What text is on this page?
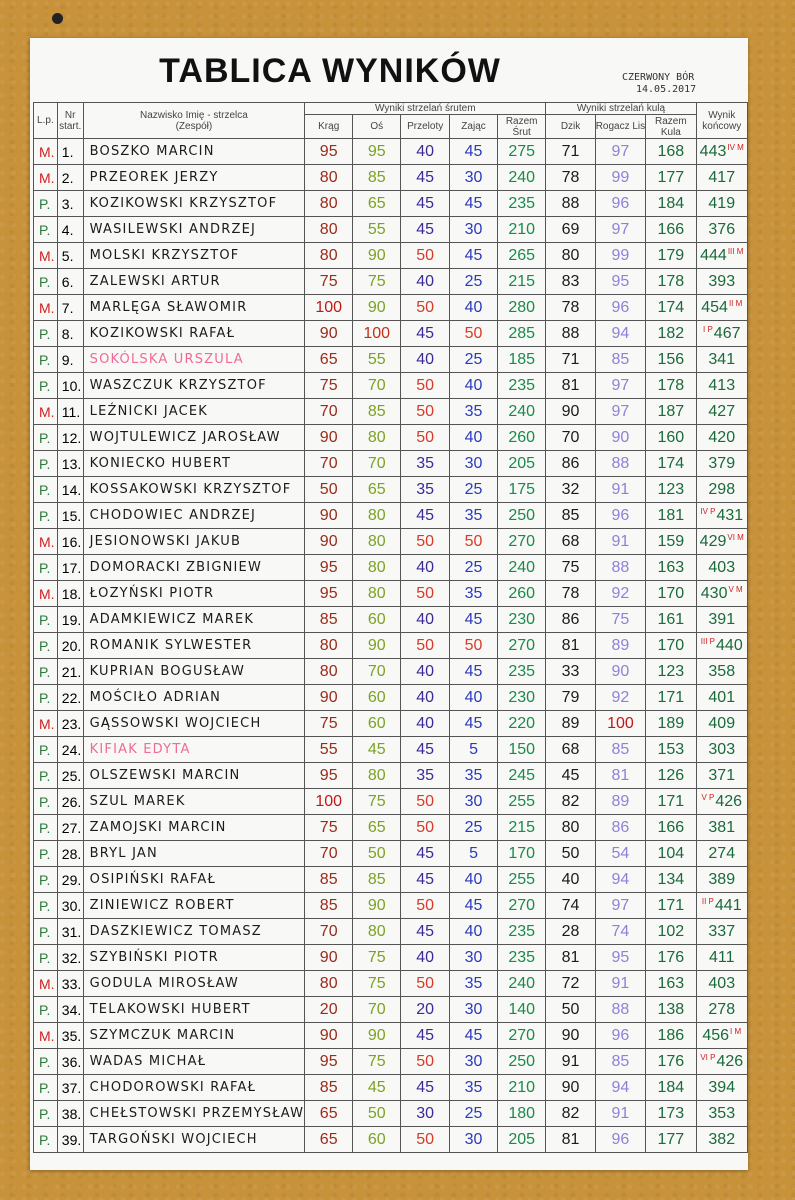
TABLICA WYNIKÓW	CZERWONY BÓR
14.05.2017
L.p.	Nr start.	Nazwisko Imię - strzelca (Zespół)	Wyniki strzelań śrutem					Wyniki strzelań kulą			Wynik końcowy
			Krąg	Oś	Przeloty	Zając	Razem Śrut	Dzik	Rogacz Lis	Razem Kula	
M.	1.	BOSZKO MARCIN	95	95	40	45	275	71	97	168	$443^{IV M}$
M.	2.	PRZEOREK JERZY	80	85	45	30	240	78	99	177	417
P.	3.	KOZIKOWSKI KRZYSZTOF	80	65	45	45	235	88	96	184	419
P.	4.	WASILEWSKI ANDRZEJ	80	55	45	30	210	69	97	166	376
M.	5.	MOLSKI KRZYSZTOF	80	90	50	45	265	80	99	179	$444^{III M}$
P.	6.	ZALEWSKI ARTUR	75	75	40	25	215	83	95	178	393
M.	7.	MARLĘGA SŁAWOMIR	100	90	50	40	280	78	96	174	$454^{II M}$
P.	8.	KOZIKOWSKI RAFAŁ	90	100	45	50	285	88	94	182	$^{I P}$467
P.	9.	SOKÓLSKA URSZULA	65	55	40	25	185	71	85	156	341
P.	10.	WASZCZUK KRZYSZTOF	75	70	50	40	235	81	97	178	413
M.	11.	LEŹNICKI JACEK	70	85	50	35	240	90	97	187	427
P.	12.	WOJTULEWICZ JAROSŁAW	90	80	50	40	260	70	90	160	420
P.	13.	KONIECKO HUBERT	70	70	35	30	205	86	88	174	379
P.	14.	KOSSAKOWSKI KRZYSZTOF	50	65	35	25	175	32	91	123	298
P.	15.	CHODOWIEC ANDRZEJ	90	80	45	35	250	85	96	181	$^{IV P}$431
M.	16.	JESIONOWSKI JAKUB	90	80	50	50	270	68	91	159	$429^{VI M}$
P.	17.	DOMORACKI ZBIGNIEW	95	80	40	25	240	75	88	163	403
M.	18.	ŁOZYŃSKI PIOTR	95	80	50	35	260	78	92	170	$430^{V M}$
P.	19.	ADAMKIEWICZ MAREK	85	60	40	45	230	86	75	161	391
P.	20.	ROMANIK SYLWESTER	80	90	50	50	270	81	89	170	$^{III P}$440
P.	21.	KUPRIAN BOGUSŁAW	80	70	40	45	235	33	90	123	358
P.	22.	MOŚCIŁO ADRIAN	90	60	40	40	230	79	92	171	401
M.	23.	GĄSSOWSKI WOJCIECH	75	60	40	45	220	89	100	189	409
P.	24.	KIFIAK EDYTA	55	45	45	5	150	68	85	153	303
P.	25.	OLSZEWSKI MARCIN	95	80	35	35	245	45	81	126	371
P.	26.	SZUL MAREK	100	75	50	30	255	82	89	171	$^{V P}$426
P.	27.	ZAMOJSKI MARCIN	75	65	50	25	215	80	86	166	381
P.	28.	BRYL JAN	70	50	45	5	170	50	54	104	274
P.	29.	OSIPIŃSKI RAFAŁ	85	85	45	40	255	40	94	134	389
P.	30.	ZINIEWICZ ROBERT	85	90	50	45	270	74	97	171	$^{II P}$441
P.	31.	DASZKIEWICZ TOMASZ	70	80	45	40	235	28	74	102	337
P.	32.	SZYBIŃSKI PIOTR	90	75	40	30	235	81	95	176	411
M.	33.	GODULA MIROSŁAW	80	75	50	35	240	72	91	163	403
P.	34.	TELAKOWSKI HUBERT	20	70	20	30	140	50	88	138	278
M.	35.	SZYMCZUK MARCIN	90	90	45	45	270	90	96	186	$456^{I M}$
P.	36.	WADAS MICHAŁ	95	75	50	30	250	91	85	176	$^{VI P}$426
P.	37.	CHODOROWSKI RAFAŁ	85	45	45	35	210	90	94	184	394
P.	38.	CHEŁSTOWSKI PRZEMYSŁAW	65	50	30	25	180	82	91	173	353
P.	39.	TARGOŃSKI WOJCIECH	65	60	50	30	205	81	96	177	382
